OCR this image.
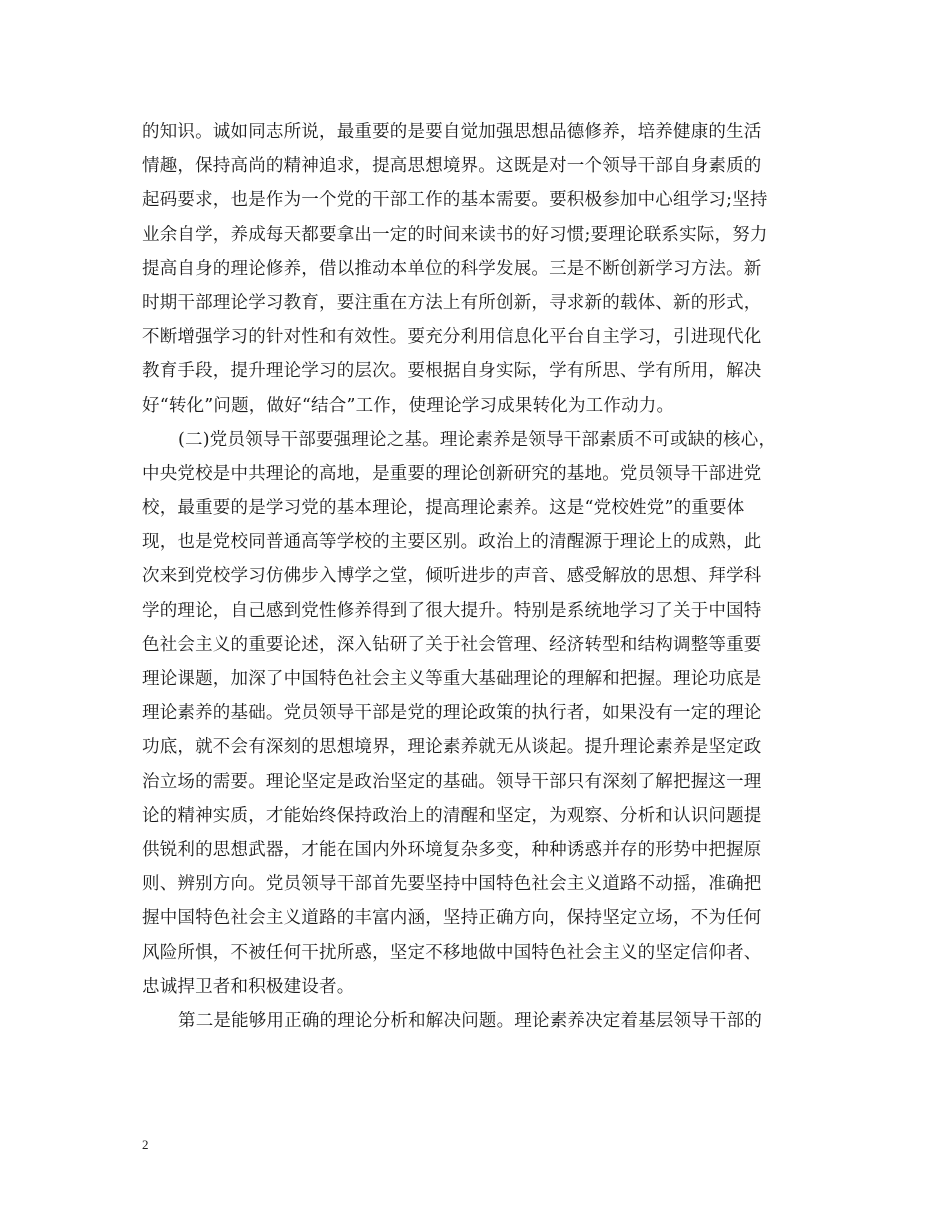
的知识。诚如同志所说，最重要的是要自觉加强思想品德修养，培养健康的生活
情趣，保持高尚的精神追求，提高思想境界。这既是对一个领导干部自身素质的
起码要求，也是作为一个党的干部工作的基本需要。要积极参加中心组学习;坚持
业余自学，养成每天都要拿出一定的时间来读书的好习惯;要理论联系实际，努力
提高自身的理论修养，借以推动本单位的科学发展。三是不断创新学习方法。新
时期干部理论学习教育，要注重在方法上有所创新，寻求新的载体、新的形式，
不断增强学习的针对性和有效性。要充分利用信息化平台自主学习，引进现代化
教育手段，提升理论学习的层次。要根据自身实际，学有所思、学有所用，解决
好“转化”问题，做好“结合”工作，使理论学习成果转化为工作动力。
(二)党员领导干部要强理论之基。理论素养是领导干部素质不可或缺的核心，
中央党校是中共理论的高地，是重要的理论创新研究的基地。党员领导干部进党
校，最重要的是学习党的基本理论，提高理论素养。这是“党校姓党”的重要体
现，也是党校同普通高等学校的主要区别。政治上的清醒源于理论上的成熟，此
次来到党校学习仿佛步入博学之堂，倾听进步的声音、感受解放的思想、拜学科
学的理论，自己感到党性修养得到了很大提升。特别是系统地学习了关于中国特
色社会主义的重要论述，深入钻研了关于社会管理、经济转型和结构调整等重要
理论课题，加深了中国特色社会主义等重大基础理论的理解和把握。理论功底是
理论素养的基础。党员领导干部是党的理论政策的执行者，如果没有一定的理论
功底，就不会有深刻的思想境界，理论素养就无从谈起。提升理论素养是坚定政
治立场的需要。理论坚定是政治坚定的基础。领导干部只有深刻了解把握这一理
论的精神实质，才能始终保持政治上的清醒和坚定，为观察、分析和认识问题提
供锐利的思想武器，才能在国内外环境复杂多变，种种诱惑并存的形势中把握原
则、辨别方向。党员领导干部首先要坚持中国特色社会主义道路不动摇，准确把
握中国特色社会主义道路的丰富内涵，坚持正确方向，保持坚定立场，不为任何
风险所惧，不被任何干扰所惑，坚定不移地做中国特色社会主义的坚定信仰者、
忠诚捍卫者和积极建设者。
第二是能够用正确的理论分析和解决问题。理论素养决定着基层领导干部的
2
